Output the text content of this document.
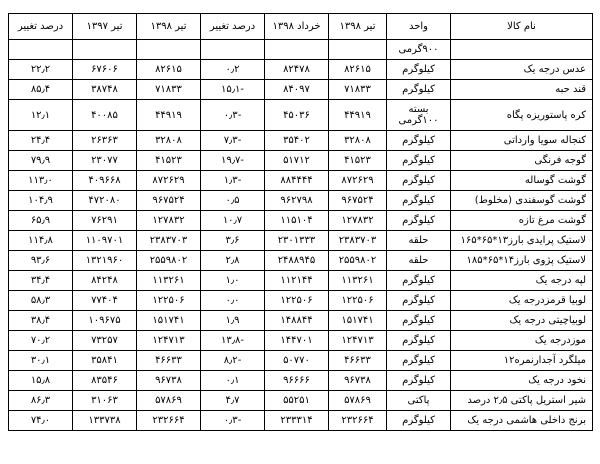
نام کالا	واحد	تیر ۱۳۹۸	خرداد ۱۳۹۸	درصد تغییر	تیر ۱۳۹۸	تیر ۱۳۹۷	درصد تغییر
	۹۰۰گرمی						
عدس درجه یک	کیلوگرم	۸۲۶۱۵	۸۲۴۷۸	۰٫۲	۸۲۶۱۵	۶۷۶۰۶	۲۲٫۲
قند حبه	کیلوگرم	۷۱۸۳۳	۸۴۰۹۷	-۱۵٫۱	۷۱۸۳۳	۳۸۷۴۸	۸۵٫۴
کره پاستوریزه پگاه	بسته ۱۰۰گرمی	۴۴۹۱۹	۴۵۰۳۶	-۰٫۳	۴۴۹۱۹	۴۰۰۸۵	۱۲٫۱
کنجاله سویا وارداتی	کیلوگرم	۳۲۸۰۸	۳۵۴۰۲	-۷٫۳	۳۲۸۰۸	۲۶۳۶۳	۲۴٫۴
گوجه فرنگی	کیلوگرم	۴۱۵۲۳	۵۱۷۱۲	-۱۹٫۷	۴۱۵۲۳	۲۳۰۷۷	۷۹٫۹
گوشت گوساله	کیلوگرم	۸۷۲۶۲۹	۸۸۴۴۴۴	-۱٫۳	۸۷۲۶۲۹	۴۰۹۶۶۸	۱۱۳٫۰
گوشت گوسفندی (مخلوط)	کیلوگرم	۹۶۷۵۲۴	۹۶۲۷۹۸	۰٫۵	۹۶۷۵۲۴	۴۷۲۰۸۰	۱۰۴٫۹
گوشت مرغ تازه	کیلوگرم	۱۲۷۸۳۲	۱۱۵۱۰۴	۱۰٫۷	۱۲۷۸۳۲	۷۶۲۹۱	۶۵٫۹
لاستیک پرایدی بارز۱۳*۶۵*۱۶۵	حلقه	۲۳۸۳۷۰۳	۲۳۰۱۳۳۳	۳٫۶	۲۳۸۳۷۰۳	۱۱۰۹۷۰۱	۱۱۴٫۸
لاستیک پژوی بارز۱۴*۶۵*۱۸۵	حلقه	۲۵۵۹۸۰۲	۲۴۸۸۹۴۵	۲٫۸	۲۵۵۹۸۰۲	۱۳۲۱۹۶۰	۹۳٫۶
لپه درجه یک	کیلوگرم	۱۱۳۲۶۱	۱۱۲۱۴۴	۱٫۰	۱۱۳۲۶۱	۸۴۲۴۸	۳۴٫۴
لوبیا قرمزدرجه یک	کیلوگرم	۱۲۲۵۰۶	۱۲۲۵۰۶	۰٫۰	۱۲۲۵۰۶	۷۷۴۰۴	۵۸٫۳
لوبیاچیتی درجه یک	کیلوگرم	۱۵۱۷۴۱	۱۴۸۸۴۴	۱٫۹	۱۵۱۷۴۱	۱۰۹۶۷۵	۳۸٫۴
موزدرجه یک	کیلوگرم	۱۲۴۷۱۳	۱۴۴۷۰۱	-۱۳٫۸	۱۲۴۷۱۳	۷۳۲۵۷	۷۰٫۲
میلگرد آجدارنمره۱۲	کیلوگرم	۴۶۶۳۳	۵۰۷۷۰	-۸٫۲	۴۶۶۳۳	۳۵۸۴۱	۳۰٫۱
نخود درجه یک	کیلوگرم	۹۶۷۳۸	۹۶۶۶۶	۰٫۱	۹۶۷۳۸	۸۳۵۴۶	۱۵٫۸
شیر استریل پاکتی ۲٫۵ درصد	پاکتی	۵۷۸۶۹	۵۵۲۵۱	۴٫۷	۵۷۸۶۹	۳۱۰۶۳	۸۶٫۳
برنج داخلی هاشمی درجه یک	کیلوگرم	۲۳۲۶۶۴	۲۳۳۳۱۴	-۰٫۳	۲۳۲۶۶۴	۱۳۳۷۳۸	۷۴٫۰
